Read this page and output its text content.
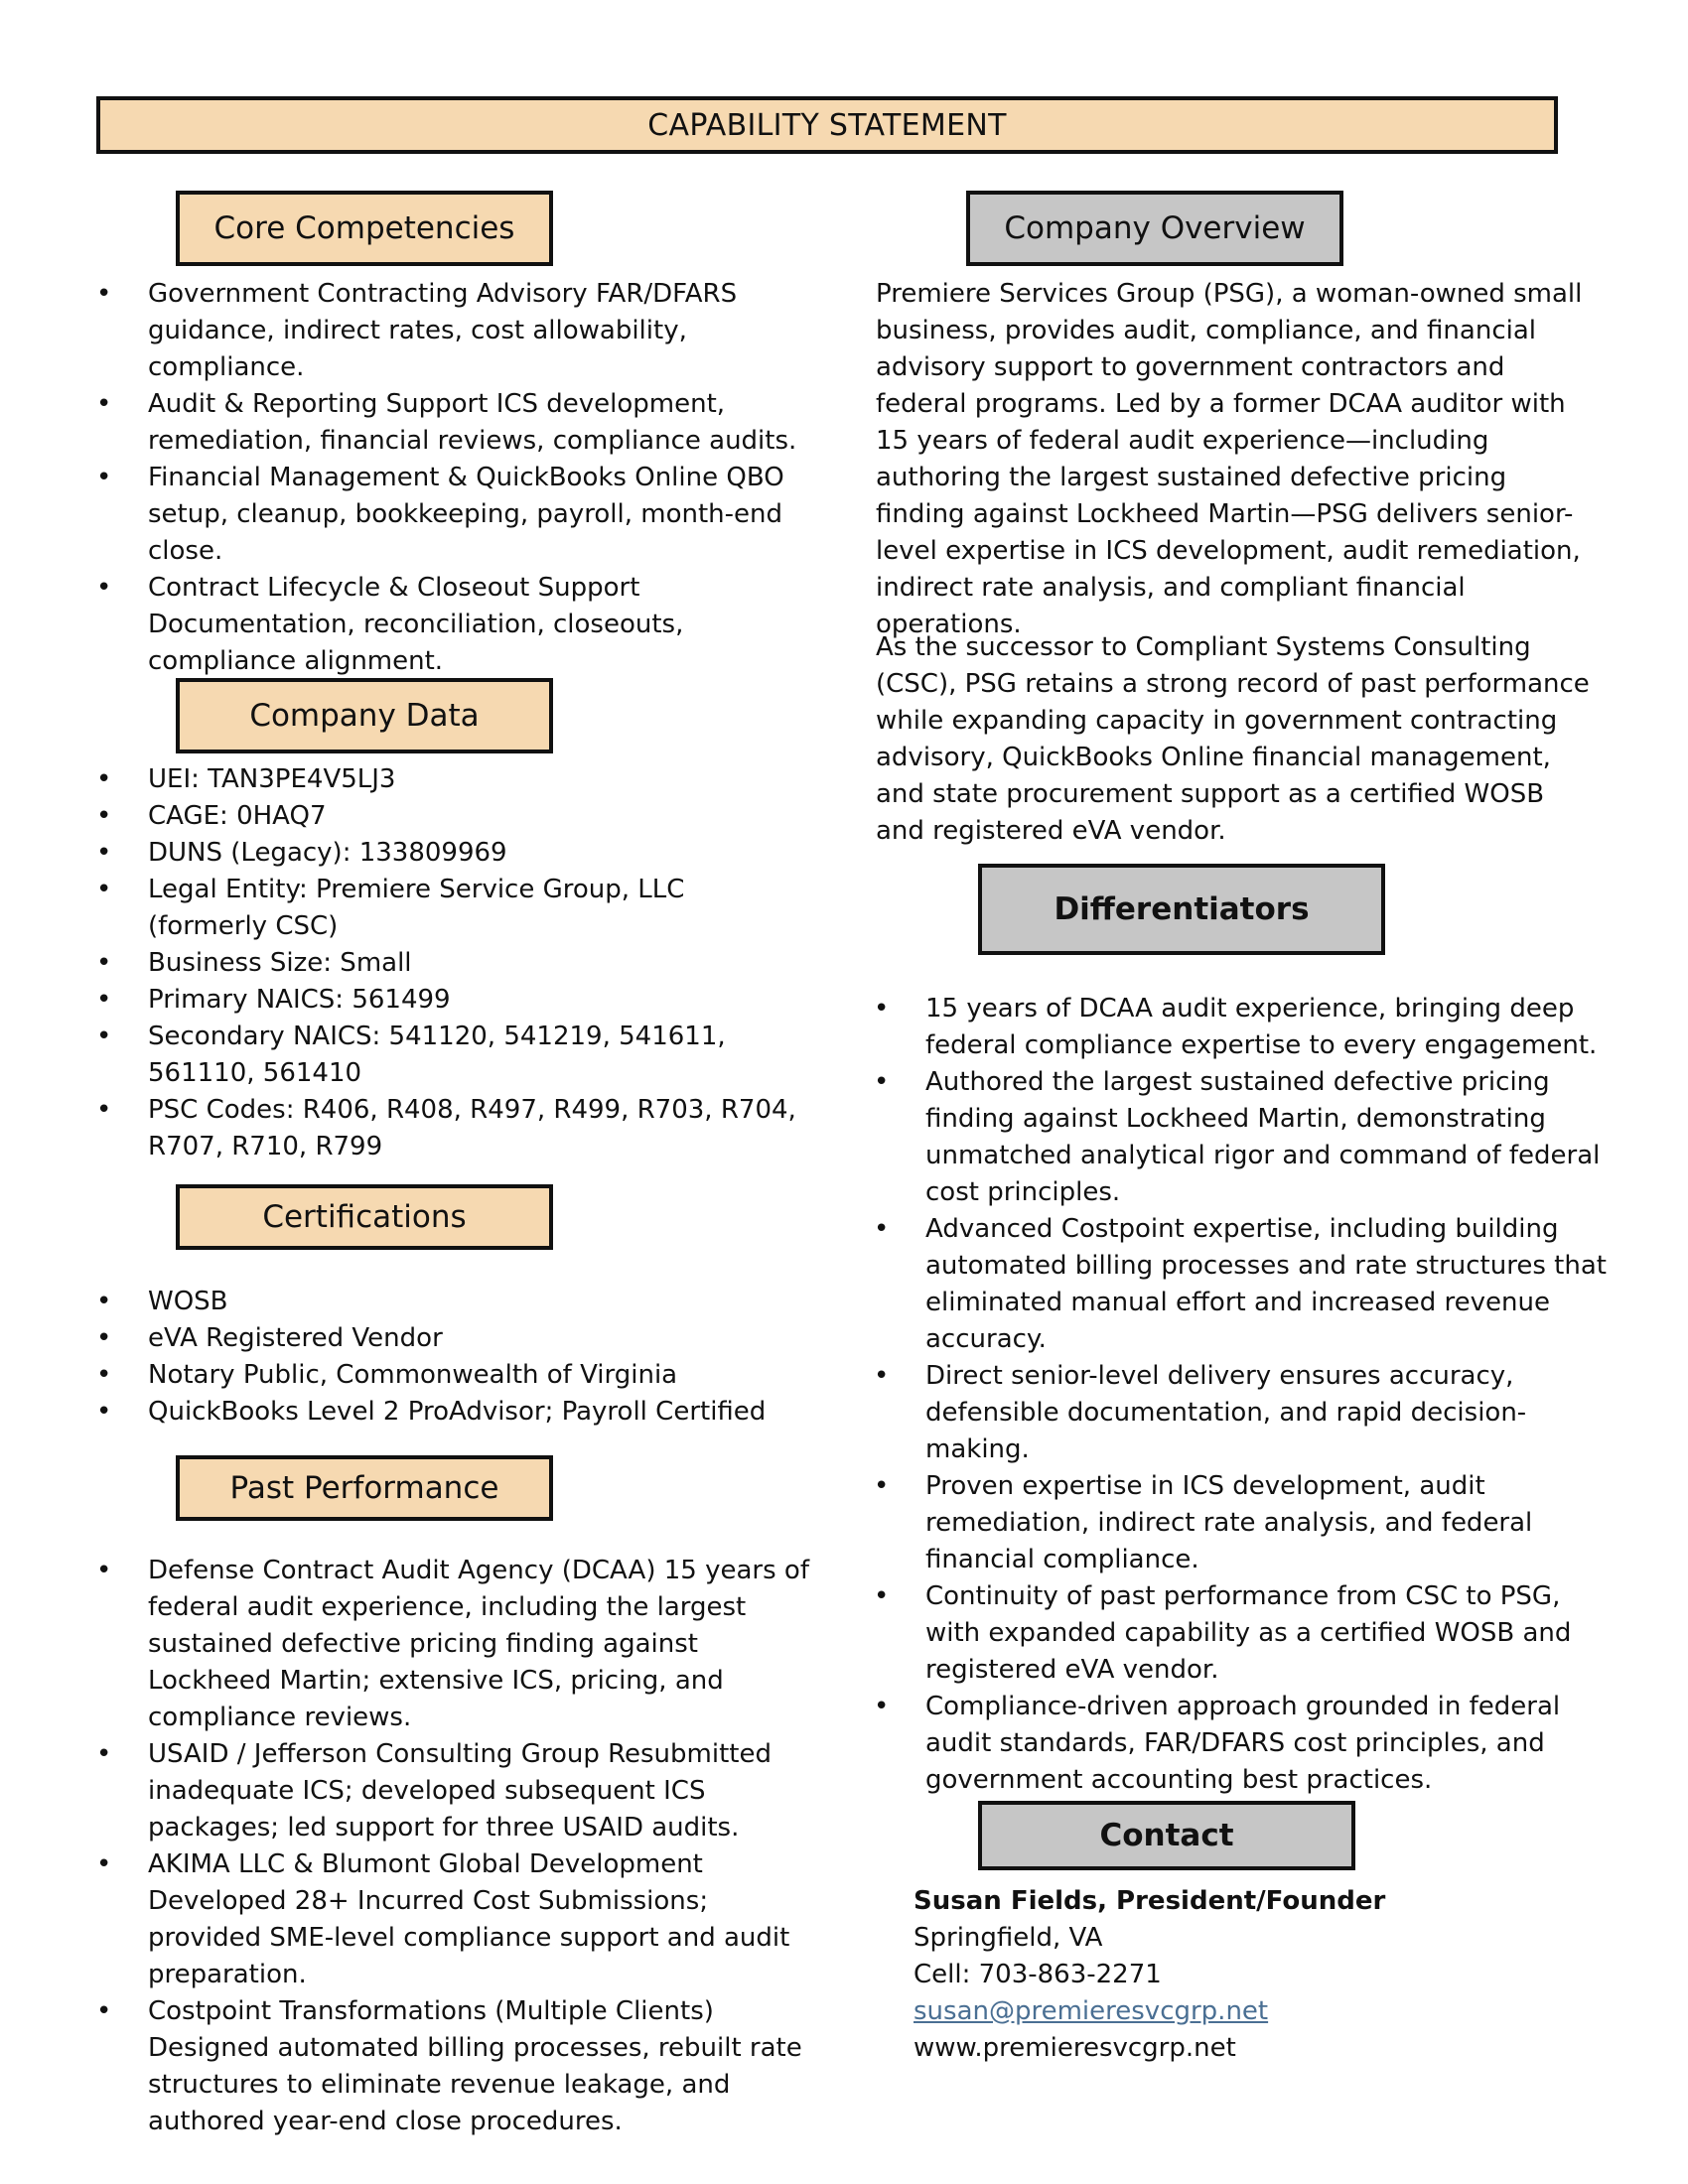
CAPABILITY STATEMENT
Core Competencies
• Government Contracting Advisory FAR/DFARS guidance, indirect rates, cost allowability, compliance.
• Audit & Reporting Support ICS development, remediation, financial reviews, compliance audits.
• Financial Management & QuickBooks Online QBO setup, cleanup, bookkeeping, payroll, month-end close.
• Contract Lifecycle & Closeout Support Documentation, reconciliation, closeouts, compliance alignment.
Company Data
• UEI: TAN3PE4V5LJ3
• CAGE: 0HAQ7
• DUNS (Legacy): 133809969
• Legal Entity: Premiere Service Group, LLC (formerly CSC)
• Business Size: Small
• Primary NAICS: 561499
• Secondary NAICS: 541120, 541219, 541611, 561110, 561410
• PSC Codes: R406, R408, R497, R499, R703, R704, R707, R710, R799
Certifications
• WOSB
• eVA Registered Vendor
• Notary Public, Commonwealth of Virginia
• QuickBooks Level 2 ProAdvisor; Payroll Certified
Past Performance
• Defense Contract Audit Agency (DCAA) 15 years of federal audit experience, including the largest sustained defective pricing finding against Lockheed Martin; extensive ICS, pricing, and compliance reviews.
• USAID / Jefferson Consulting Group Resubmitted inadequate ICS; developed subsequent ICS packages; led support for three USAID audits.
• AKIMA LLC & Blumont Global Development Developed 28+ Incurred Cost Submissions; provided SME-level compliance support and audit preparation.
• Costpoint Transformations (Multiple Clients) Designed automated billing processes, rebuilt rate structures to eliminate revenue leakage, and authored year-end close procedures.
Company Overview

Premiere Services Group (PSG), a woman-owned small business, provides audit, compliance, and financial advisory support to government contractors and federal programs. Led by a former DCAA auditor with 15 years of federal audit experience—including authoring the largest sustained defective pricing finding against Lockheed Martin—PSG delivers senior-level expertise in ICS development, audit remediation, indirect rate analysis, and compliant financial operations.

As the successor to Compliant Systems Consulting (CSC), PSG retains a strong record of past performance while expanding capacity in government contracting advisory, QuickBooks Online financial management, and state procurement support as a certified WOSB and registered eVA vendor.

Differentiators
• 15 years of DCAA audit experience, bringing deep federal compliance expertise to every engagement.
• Authored the largest sustained defective pricing finding against Lockheed Martin, demonstrating unmatched analytical rigor and command of federal cost principles.
• Advanced Costpoint expertise, including building automated billing processes and rate structures that eliminated manual effort and increased revenue accuracy.
• Direct senior-level delivery ensures accuracy, defensible documentation, and rapid decision-making.
• Proven expertise in ICS development, audit remediation, indirect rate analysis, and federal financial compliance.
• Continuity of past performance from CSC to PSG, with expanded capability as a certified WOSB and registered eVA vendor.
• Compliance-driven approach grounded in federal audit standards, FAR/DFARS cost principles, and government accounting best practices.
Contact
Susan Fields, President/Founder
Springfield, VA
Cell: 703-863-2271
susan@premieresvcgrp.net
www.premieresvcgrp.net
